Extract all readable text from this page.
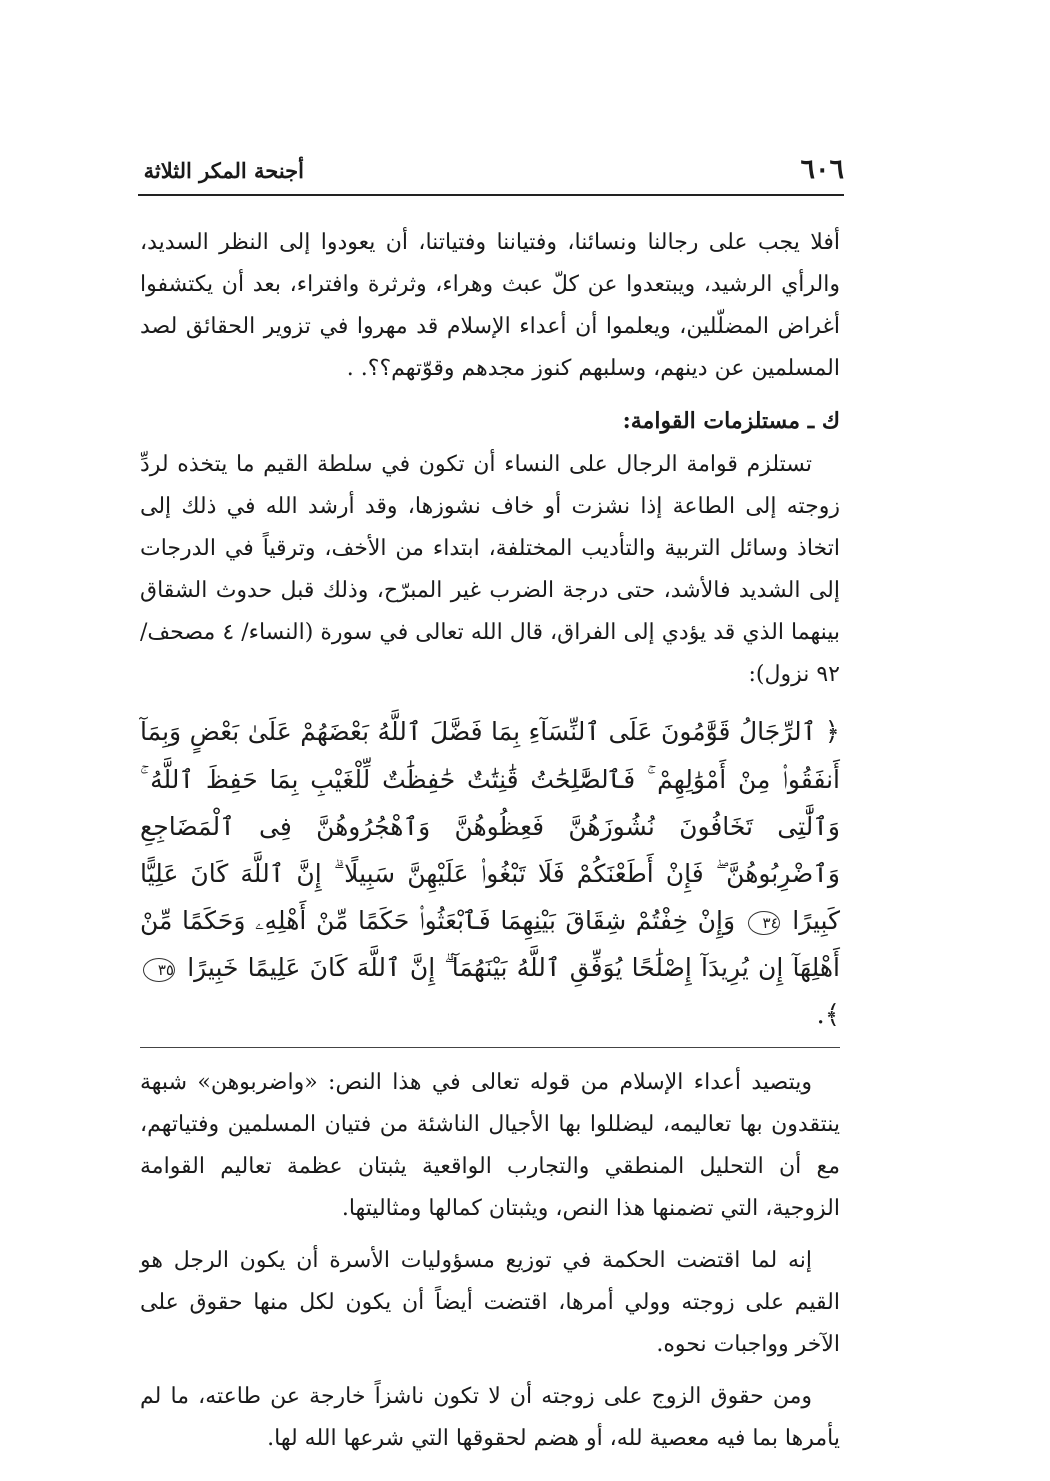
٦٠٦
أجنحة المكر الثلاثة

أفلا يجب على رجالنا ونسائنا، وفتياننا وفتياتنا، أن يعودوا إلى النظر السديد، والرأي الرشيد، ويبتعدوا عن كلّ عبث وهراء، وثرثرة وافتراء، بعد أن يكتشفوا أغراض المضلّلين، ويعلموا أن أعداء الإسلام قد مهروا في تزوير الحقائق لصد المسلمين عن دينهم، وسلبهم كنوز مجدهم وقوّتهم؟؟. .

ك ـ مستلزمات القوامة:

تستلزم قوامة الرجال على النساء أن تكون في سلطة القيم ما يتخذه لردِّ زوجته إلى الطاعة إذا نشزت أو خاف نشوزها، وقد أرشد الله في ذلك إلى اتخاذ وسائل التربية والتأديب المختلفة، ابتداء من الأخف، وترقياً في الدرجات إلى الشديد فالأشد، حتى درجة الضرب غير المبرّح، وذلك قبل حدوث الشقاق بينهما الذي قد يؤدي إلى الفراق، قال الله تعالى في سورة (النساء/ ٤ مصحف/ ٩٢ نزول):

﴿ ٱلرِّجَالُ قَوَّٰمُونَ عَلَى ٱلنِّسَآءِ بِمَا فَضَّلَ ٱللَّهُ بَعْضَهُمْ عَلَىٰ بَعْضٍ وَبِمَآ أَنفَقُوا۟ مِنْ أَمْوَٰلِهِمْ ۚ فَٱلصَّٰلِحَٰتُ قَٰنِتَٰتٌ حَٰفِظَٰتٌ لِّلْغَيْبِ بِمَا حَفِظَ ٱللَّهُ ۚ وَٱلَّٰتِى تَخَافُونَ نُشُوزَهُنَّ فَعِظُوهُنَّ وَٱهْجُرُوهُنَّ فِى ٱلْمَضَاجِعِ وَٱضْرِبُوهُنَّ ۖ فَإِنْ أَطَعْنَكُمْ فَلَا تَبْغُوا۟ عَلَيْهِنَّ سَبِيلًا ۗ إِنَّ ٱللَّهَ كَانَ عَلِيًّا كَبِيرًا ٣٤ وَإِنْ خِفْتُمْ شِقَاقَ بَيْنِهِمَا فَٱبْعَثُوا۟ حَكَمًا مِّنْ أَهْلِهِۦ وَحَكَمًا مِّنْ أَهْلِهَآ إِن يُرِيدَآ إِصْلَٰحًا يُوَفِّقِ ٱللَّهُ بَيْنَهُمَآ ۗ إِنَّ ٱللَّهَ كَانَ عَلِيمًا خَبِيرًا ٣٥ ﴾.

ويتصيد أعداء الإسلام من قوله تعالى في هذا النص: «واضربوهن» شبهة ينتقدون بها تعاليمه، ليضللوا بها الأجيال الناشئة من فتيان المسلمين وفتياتهم، مع أن التحليل المنطقي والتجارب الواقعية يثبتان عظمة تعاليم القوامة الزوجية، التي تضمنها هذا النص، ويثبتان كمالها ومثاليتها.

إنه لما اقتضت الحكمة في توزيع مسؤوليات الأسرة أن يكون الرجل هو القيم على زوجته وولي أمرها، اقتضت أيضاً أن يكون لكل منها حقوق على الآخر وواجبات نحوه.

ومن حقوق الزوج على زوجته أن لا تكون ناشزاً خارجة عن طاعته، ما لم يأمرها بما فيه معصية لله، أو هضم لحقوقها التي شرعها الله لها.
